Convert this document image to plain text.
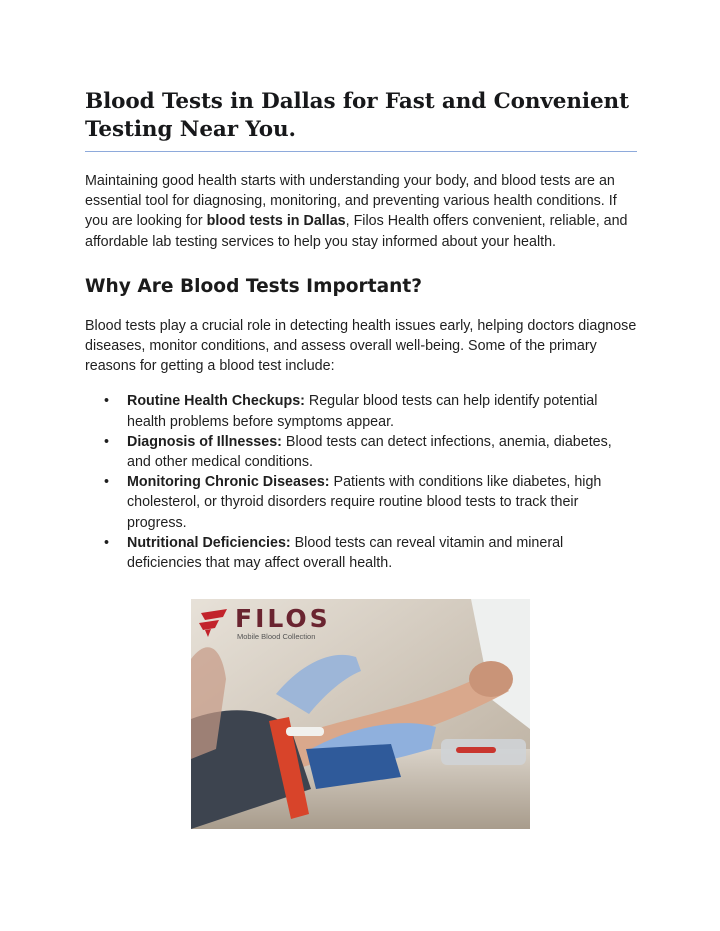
Blood Tests in Dallas for Fast and Convenient Testing Near You.

Maintaining good health starts with understanding your body, and blood tests are an essential tool for diagnosing, monitoring, and preventing various health conditions. If you are looking for blood tests in Dallas, Filos Health offers convenient, reliable, and affordable lab testing services to help you stay informed about your health.

Why Are Blood Tests Important?

Blood tests play a crucial role in detecting health issues early, helping doctors diagnose diseases, monitor conditions, and assess overall well-being. Some of the primary reasons for getting a blood test include:

• Routine Health Checkups: Regular blood tests can help identify potential health problems before symptoms appear.
• Diagnosis of Illnesses: Blood tests can detect infections, anemia, diabetes, and other medical conditions.
• Monitoring Chronic Diseases: Patients with conditions like diabetes, high cholesterol, or thyroid disorders require routine blood tests to track their progress.
• Nutritional Deficiencies: Blood tests can reveal vitamin and mineral deficiencies that may affect overall health.
FILOS
Mobile Blood Collection
